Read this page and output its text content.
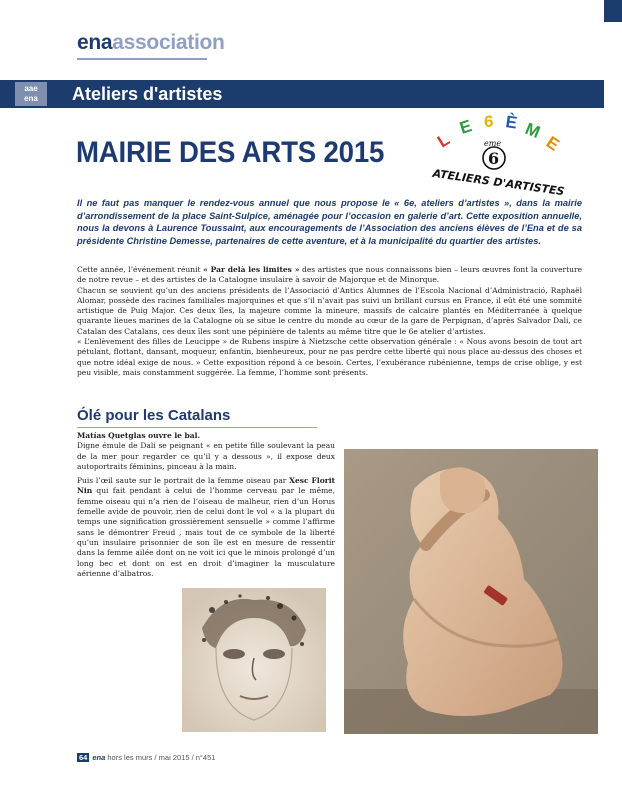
enaassociation
aae
ena	Ateliers d'artistes
MAIRIE DES ARTS 2015	L
E 6 È M
E
eme
6
ATELIERS D'ARTISTES
Il ne faut pas manquer le rendez-vous annuel que nous propose le « 6e, ateliers d’artistes », dans la mairie d’arrondissement de la place Saint-Sulpice, aménagée pour l’occasion en galerie d’art. Cette exposition annuelle, nous la devons à Laurence Toussaint, aux encouragements de l’Association des anciens élèves de l’Ena et de sa présidente Christine Demesse, partenaires de cette aventure, et à la municipalité du quartier des artistes.

Cette année, l’événement réunit « Par delà les limites » des artistes que nous connaissons bien – leurs œuvres font la couverture de notre revue – et des artistes de la Catalogne insulaire à savoir de Majorque et de Minorque.

Chacun se souvient qu’un des anciens présidents de l’Associació d’Antics Alumnes de l’Escola Nacional d’Administració, Raphaël Alomar, possède des racines familiales majorquines et que s’il n’avait pas suivi un brillant cursus en France, il eût été une sommité artistique de Puig Major. Ces deux îles, la majeure comme la mineure, massifs de calcaire plantés en Méditerranée à quelque quarante lieues marines de la Catalogne où se situe le centre du monde au cœur de la gare de Perpignan, d’après Salvador Dali, ce Catalan des Catalans, ces deux îles sont une pépinière de talents au même titre que le 6e atelier d’artistes.

« L’enlèvement des filles de Leucippe » de Rubens inspire à Nietzsche cette observation générale : « Nous avons besoin de tout art pétulant, flottant, dansant, moqueur, enfantin, bienheureux, pour ne pas perdre cette liberté qui nous place au-dessus des choses et que notre idéal exige de nous. » Cette exposition répond à ce besoin. Certes, l’exubérance rubénienne, temps de crise oblige, y est peu visible, mais constamment suggérée. La femme, l’homme sont présents.

Ólé pour les Catalans

Matías Quetglas ouvre le bal.

Digne émule de Dali se peignant « en petite fille soulevant la peau de la mer pour regarder ce qu’il y a dessous », il expose deux autoportraits féminins, pinceau à la main.

Puis l’œil saute sur le portrait de la femme oiseau par Xesc Florit Nin qui fait pendant à celui de l’homme cerveau par le même, femme oiseau qui n’a rien de l’oiseau de malheur, rien d’un Horus femelle avide de pouvoir, rien de celui dont le vol « a la plupart du temps une signification grossièrement sensuelle » comme l’affirme sans le démontrer Freud , mais tout de ce symbole de la liberté qu’un insulaire prisonnier de son île est en mesure de ressentir dans la femme ailée dont on ne voit ici que le minois prolongé d’un long bec et dont on est en droit d’imaginer la musculature aérienne d’albatros.

64 ena hors les murs / mai 2015 / n°451
